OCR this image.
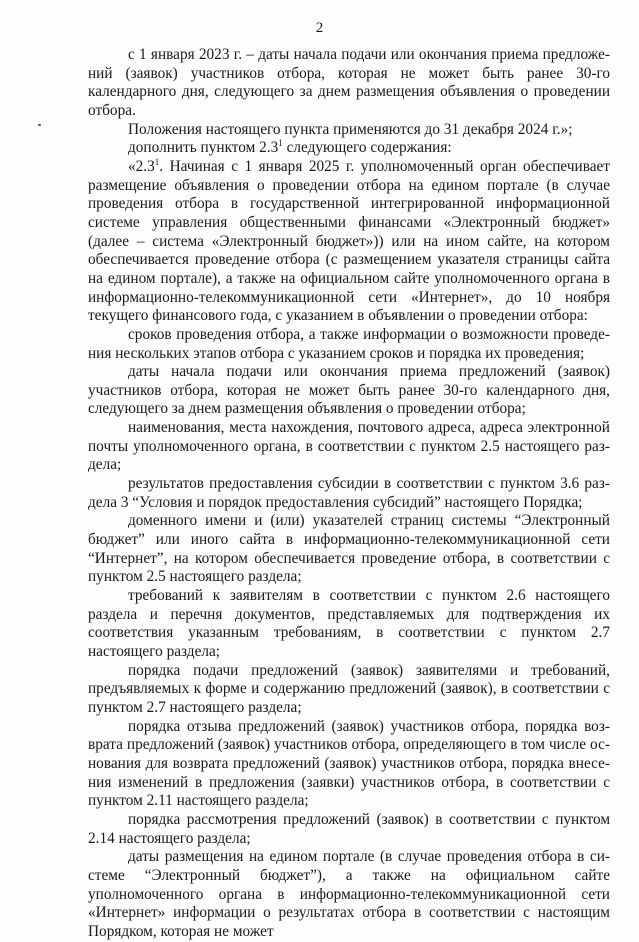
2

с 1 января 2023 г. – даты начала подачи или окончания приема предложений (заявок) участников отбора, которая не может быть ранее 30-го календарного дня, следующего за днем размещения объявления о проведении отбора.

Положения настоящего пункта применяются до 31 декабря 2024 г.»;

дополнить пунктом $2.3^1$ следующего содержания:

«$2.3^1$. Начиная с 1 января 2025 г. уполномоченный орган обеспечивает размещение объявления о проведении отбора на едином портале (в случае проведения отбора в государственной интегрированной информационной системе управления общественными финансами «Электронный бюджет» (далее – система «Электронный бюджет»)) или на ином сайте, на котором обеспечивается проведение отбора (с размещением указателя страницы сайта на едином портале), а также на официальном сайте уполномоченного органа в информационно-телекоммуникационной сети «Интернет», до 10 ноября текущего финансового года, с указанием в объявлении о проведении отбора:

сроков проведения отбора, а также информации о возможности проведения нескольких этапов отбора с указанием сроков и порядка их проведения;

даты начала подачи или окончания приема предложений (заявок) участников отбора, которая не может быть ранее 30-го календарного дня, следующего за днем размещения объявления о проведении отбора;

наименования, места нахождения, почтового адреса, адреса электронной почты уполномоченного органа, в соответствии с пунктом 2.5 настоящего раздела;

результатов предоставления субсидии в соответствии с пунктом 3.6 раздела 3 “Условия и порядок предоставления субсидий” настоящего Порядка;

доменного имени и (или) указателей страниц системы “Электронный бюджет” или иного сайта в информационно-телекоммуникационной сети “Интернет”, на котором обеспечивается проведение отбора, в соответствии с пунктом 2.5 настоящего раздела;

требований к заявителям в соответствии с пунктом 2.6 настоящего раздела и перечня документов, представляемых для подтверждения их соответствия указанным требованиям, в соответствии с пунктом 2.7 настоящего раздела;

порядка подачи предложений (заявок) заявителями и требований, предъявляемых к форме и содержанию предложений (заявок), в соответствии с пунктом 2.7 настоящего раздела;

порядка отзыва предложений (заявок) участников отбора, порядка возврата предложений (заявок) участников отбора, определяющего в том числе основания для возврата предложений (заявок) участников отбора, порядка внесения изменений в предложения (заявки) участников отбора, в соответствии с пунктом 2.11 настоящего раздела;

порядка рассмотрения предложений (заявок) в соответствии с пунктом 2.14 настоящего раздела;

даты размещения на едином портале (в случае проведения отбора в системе “Электронный бюджет”), а также на официальном сайте уполномоченного органа в информационно-телекоммуникационной сети «Интернет» информации о результатах отбора в соответствии с настоящим Порядком, которая не может
